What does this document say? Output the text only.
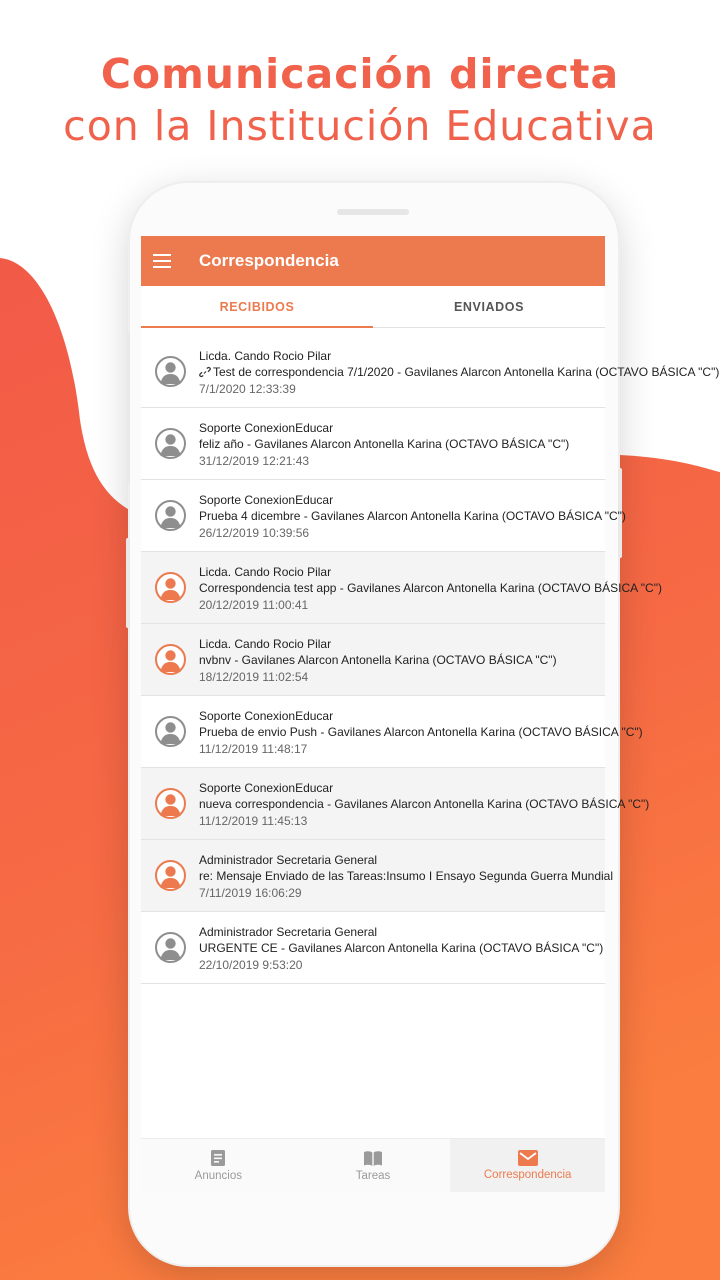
Comunicación directa
con la Institución Educativa
Correspondencia
RECIBIDOS	ENVIADOS
Licda. Cando Rocio Pilar
Test de correspondencia 7/1/2020 - Gavilanes Alarcon Antonella Karina (OCTAVO BÁSICA "C")
7/1/2020 12:33:39
Soporte ConexionEducar
feliz año - Gavilanes Alarcon Antonella Karina (OCTAVO BÁSICA "C")
31/12/2019 12:21:43
Soporte ConexionEducar
Prueba 4 dicembre - Gavilanes Alarcon Antonella Karina (OCTAVO BÁSICA "C")
26/12/2019 10:39:56
Licda. Cando Rocio Pilar
Correspondencia test app - Gavilanes Alarcon Antonella Karina (OCTAVO BÁSICA "C")
20/12/2019 11:00:41
Licda. Cando Rocio Pilar
nvbnv - Gavilanes Alarcon Antonella Karina (OCTAVO BÁSICA "C")
18/12/2019 11:02:54
Soporte ConexionEducar
Prueba de envio Push - Gavilanes Alarcon Antonella Karina (OCTAVO BÁSICA "C")
11/12/2019 11:48:17
Soporte ConexionEducar
nueva correspondencia - Gavilanes Alarcon Antonella Karina (OCTAVO BÁSICA "C")
11/12/2019 11:45:13
Administrador Secretaria General
re: Mensaje Enviado de las Tareas:Insumo I Ensayo Segunda Guerra Mundial
7/11/2019 16:06:29
Administrador Secretaria General
URGENTE CE - Gavilanes Alarcon Antonella Karina (OCTAVO BÁSICA "C")
22/10/2019 9:53:20
Anuncios	Tareas	Correspondencia
